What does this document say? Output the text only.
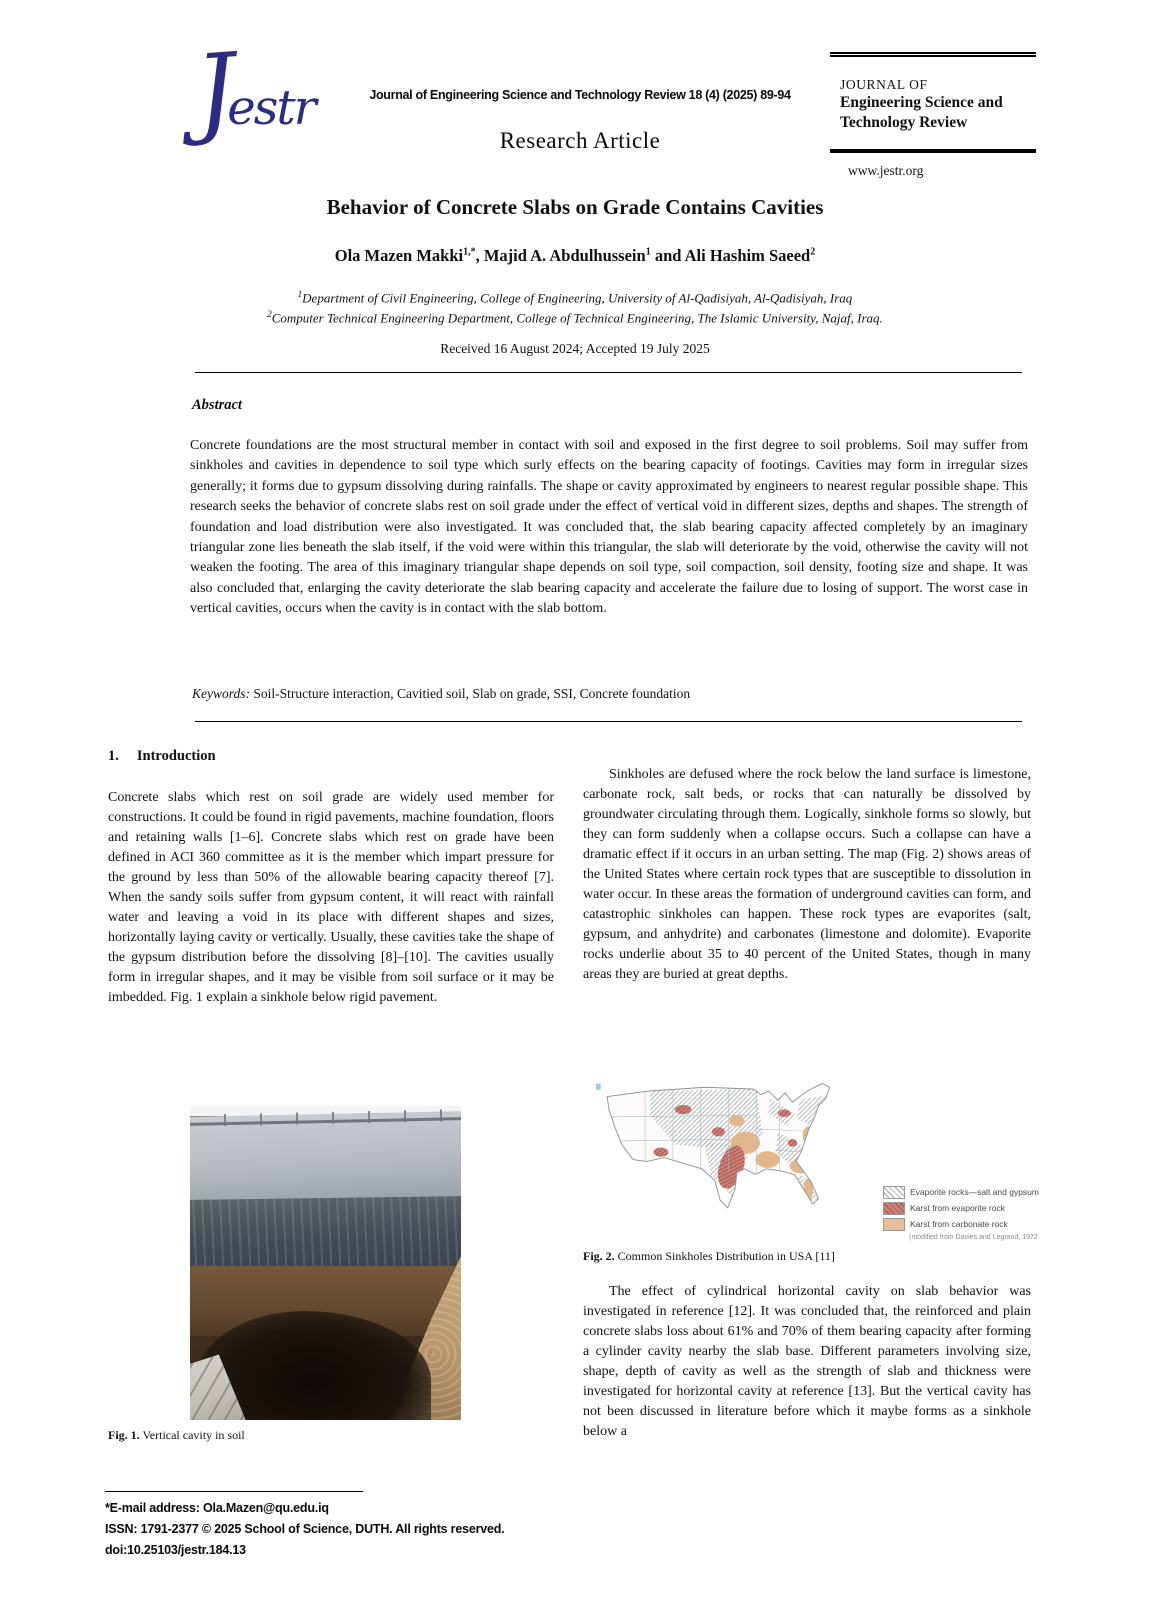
Jestr	Journal of Engineering Science and Technology Review 18 (4) (2025) 89-94
Research Article
JOURNAL OF
Engineering Science and
Technology Review
www.jestr.org
Behavior of Concrete Slabs on Grade Contains Cavities
Ola Mazen Makki$^{1,*}$, Majid A. Abdulhussein$^1$ and Ali Hashim Saeed$^2$
$^1$Department of Civil Engineering, College of Engineering, University of Al-Qadisiyah, Al-Qadisiyah, Iraq
$^2$Computer Technical Engineering Department, College of Technical Engineering, The Islamic University, Najaf, Iraq.
Received 16 August 2024; Accepted 19 July 2025
Abstract
Concrete foundations are the most structural member in contact with soil and exposed in the first degree to soil problems. Soil may suffer from sinkholes and cavities in dependence to soil type which surly effects on the bearing capacity of footings. Cavities may form in irregular sizes generally; it forms due to gypsum dissolving during rainfalls. The shape or cavity approximated by engineers to nearest regular possible shape. This research seeks the behavior of concrete slabs rest on soil grade under the effect of vertical void in different sizes, depths and shapes. The strength of foundation and load distribution were also investigated. It was concluded that, the slab bearing capacity affected completely by an imaginary triangular zone lies beneath the slab itself, if the void were within this triangular, the slab will deteriorate by the void, otherwise the cavity will not weaken the footing. The area of this imaginary triangular shape depends on soil type, soil compaction, soil density, footing size and shape. It was also concluded that, enlarging the cavity deteriorate the slab bearing capacity and accelerate the failure due to losing of support. The worst case in vertical cavities, occurs when the cavity is in contact with the slab bottom.
Keywords: Soil-Structure interaction, Cavitied soil, Slab on grade, SSI, Concrete foundation
1. Introduction
Concrete slabs which rest on soil grade are widely used member for constructions. It could be found in rigid pavements, machine foundation, floors and retaining walls [1–6]. Concrete slabs which rest on grade have been defined in ACI 360 committee as it is the member which impart pressure for the ground by less than 50% of the allowable bearing capacity thereof [7]. When the sandy soils suffer from gypsum content, it will react with rainfall water and leaving a void in its place with different shapes and sizes, horizontally laying cavity or vertically. Usually, these cavities take the shape of the gypsum distribution before the dissolving [8]–[10]. The cavities usually form in irregular shapes, and it may be visible from soil surface or it may be imbedded. Fig. 1 explain a sinkhole below rigid pavement.
Fig. 1. Vertical cavity in soil
*E-mail address: Ola.Mazen@qu.edu.iq
ISSN: 1791-2377 © 2025 School of Science, DUTH. All rights reserved.
doi:10.25103/jestr.184.13
Sinkholes are defused where the rock below the land surface is limestone, carbonate rock, salt beds, or rocks that can naturally be dissolved by groundwater circulating through them. Logically, sinkhole forms so slowly, but they can form suddenly when a collapse occurs. Such a collapse can have a dramatic effect if it occurs in an urban setting. The map (Fig. 2) shows areas of the United States where certain rock types that are susceptible to dissolution in water occur. In these areas the formation of underground cavities can form, and catastrophic sinkholes can happen. These rock types are evaporites (salt, gypsum, and anhydrite) and carbonates (limestone and dolomite). Evaporite rocks underlie about 35 to 40 percent of the United States, though in many areas they are buried at great depths.
Evaporite rocks—salt and gypsum
Karst from evaporite rock
Karst from carbonate rock
(modified from Davies and Legrand, 1972
Fig. 2. Common Sinkholes Distribution in USA [11]
The effect of cylindrical horizontal cavity on slab behavior was investigated in reference [12]. It was concluded that, the reinforced and plain concrete slabs loss about 61% and 70% of them bearing capacity after forming a cylinder cavity nearby the slab base. Different parameters involving size, shape, depth of cavity as well as the strength of slab and thickness were investigated for horizontal cavity at reference [13]. But the vertical cavity has not been discussed in literature before which it maybe forms as a sinkhole below a
